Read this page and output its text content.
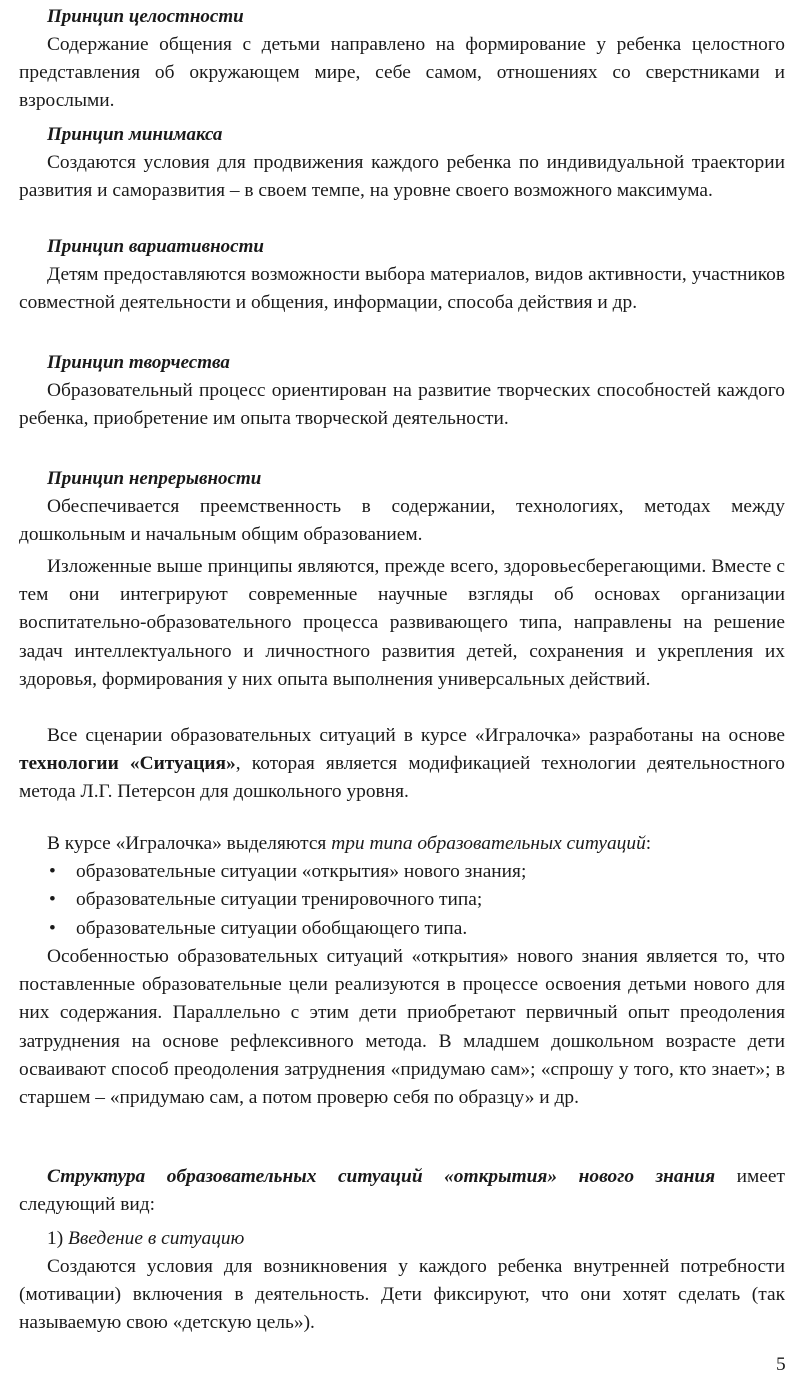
Принцип целостности

Содержание общения с детьми направлено на формирование у ребенка целостного представления об окружающем мире, себе самом, отношениях со сверстниками и взрослыми.

Принцип минимакса

Создаются условия для продвижения каждого ребенка по индивидуальной траектории развития и саморазвития – в своем темпе, на уровне своего возможного максимума.

Принцип вариативности

Детям предоставляются возможности выбора материалов, видов активности, участников совместной деятельности и общения, информации, способа действия и др.

Принцип творчества

Образовательный процесс ориентирован на развитие творческих способностей каждого ребенка, приобретение им опыта творческой деятельности.

Принцип непрерывности

Обеспечивается преемственность в содержании, технологиях, методах между дошкольным и начальным общим образованием.

Изложенные выше принципы являются, прежде всего, здоровьесберегающими. Вместе с тем они интегрируют современные научные взгляды об основах организации воспитательно-образовательного процесса развивающего типа, направлены на решение задач интеллектуального и личностного развития детей, сохранения и укрепления их здоровья, формирования у них опыта выполнения универсальных действий.

Все сценарии образовательных ситуаций в курсе «Игралочка» разработаны на основе технологии «Ситуация», которая является модификацией технологии деятельностного метода Л.Г. Петерсон для дошкольного уровня.

В курсе «Игралочка» выделяются три типа образовательных ситуаций:

• образовательные ситуации «открытия» нового знания;
• образовательные ситуации тренировочного типа;
• образовательные ситуации обобщающего типа.

Особенностью образовательных ситуаций «открытия» нового знания является то, что поставленные образовательные цели реализуются в процессе освоения детьми нового для них содержания. Параллельно с этим дети приобретают первичный опыт преодоления затруднения на основе рефлексивного метода. В младшем дошкольном возрасте дети осваивают способ преодоления затруднения «придумаю сам»; «спрошу у того, кто знает»; в старшем – «придумаю сам, а потом проверю себя по образцу» и др.

Структура образовательных ситуаций «открытия» нового знания имеет следующий вид:

1) Введение в ситуацию

Создаются условия для возникновения у каждого ребенка внутренней потребности (мотивации) включения в деятельность. Дети фиксируют, что они хотят сделать (так называемую свою «детскую цель»).

5
